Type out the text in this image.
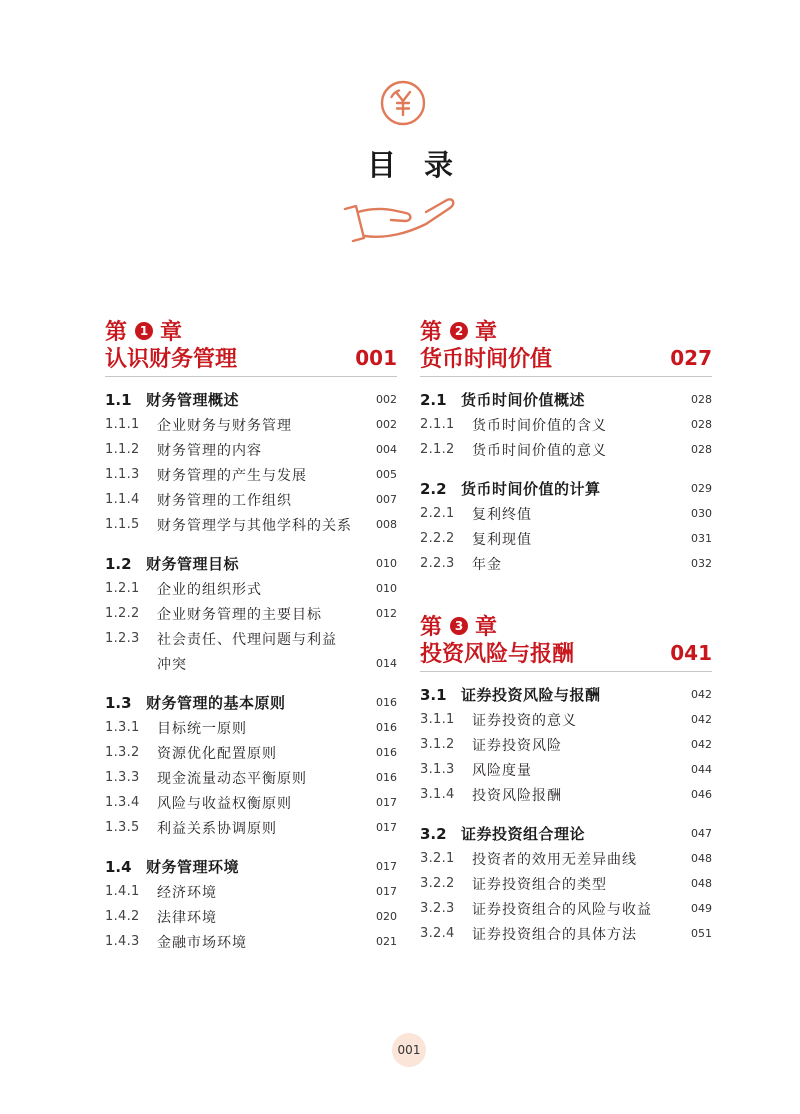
目 录
第	1 章
认识财务管理	001
1.1 财务管理概述	002
1.1.1	企业财务与财务管理	002
1.1.2	财务管理的内容	004
1.1.3	财务管理的产生与发展	005
1.1.4	财务管理的工作组织	007
1.1.5	财务管理学与其他学科的关系	008
1.2 财务管理目标	010
1.2.1	企业的组织形式	010
1.2.2	企业财务管理的主要目标	012
1.2.3	社会责任、代理问题与利益
冲突	014
1.3 财务管理的基本原则	016
1.3.1	目标统一原则	016
1.3.2	资源优化配置原则	016
1.3.3	现金流量动态平衡原则	016
1.3.4	风险与收益权衡原则	017
1.3.5	利益关系协调原则	017
1.4 财务管理环境	017
1.4.1	经济环境	017
1.4.2	法律环境	020
1.4.3	金融市场环境	021
第	2 章
货币时间价值	027
2.1 货币时间价值概述	028
2.1.1	货币时间价值的含义	028
2.1.2	货币时间价值的意义	028
2.2 货币时间价值的计算	029
2.2.1	复利终值	030
2.2.2	复利现值	031
2.2.3	年金	032
第	3 章
投资风险与报酬	041
3.1 证券投资风险与报酬	042
3.1.1	证券投资的意义	042
3.1.2	证券投资风险	042
3.1.3	风险度量	044
3.1.4	投资风险报酬	046
3.2 证券投资组合理论	047
3.2.1	投资者的效用无差异曲线	048
3.2.2	证券投资组合的类型	048
3.2.3	证券投资组合的风险与收益	049
3.2.4	证券投资组合的具体方法	051
001
